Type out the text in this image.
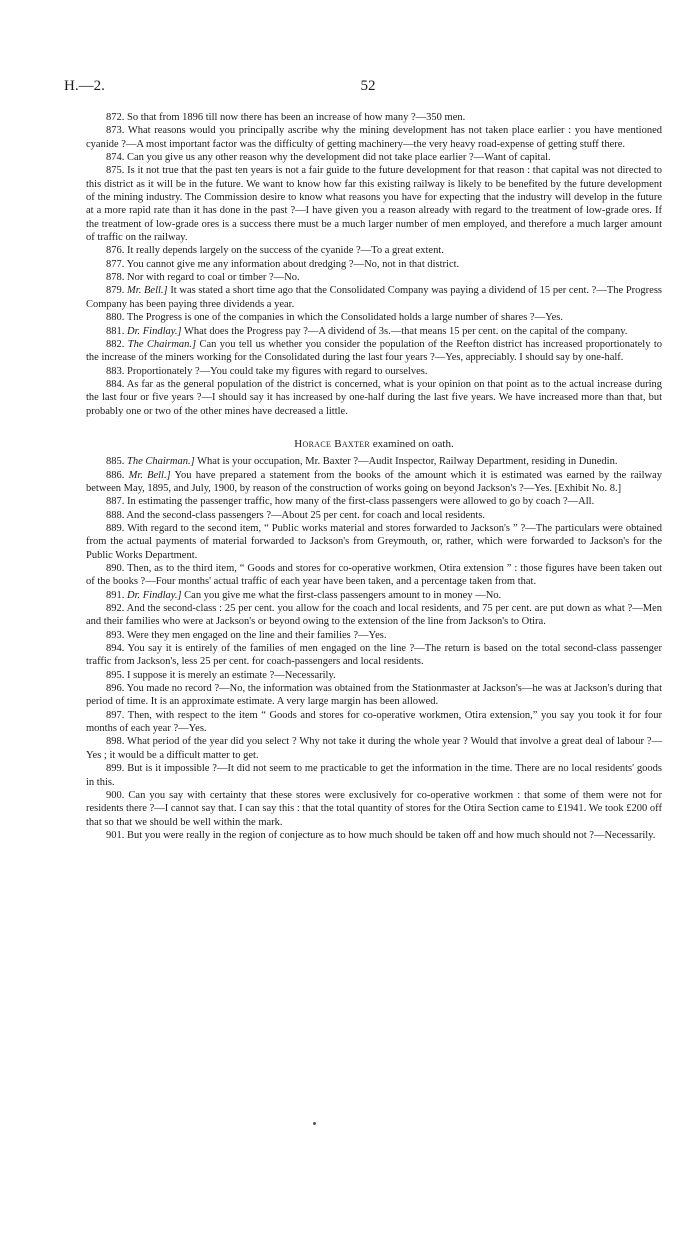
H.—2.	52

872. So that from 1896 till now there has been an increase of how many ?—350 men.

873. What reasons would you principally ascribe why the mining development has not taken place earlier : you have mentioned cyanide ?—A most important factor was the difficulty of getting machinery—the very heavy road-expense of getting stuff there.

874. Can you give us any other reason why the development did not take place earlier ?—Want of capital.

875. Is it not true that the past ten years is not a fair guide to the future development for that reason : that capital was not directed to this district as it will be in the future. We want to know how far this existing railway is likely to be benefited by the future development of the mining industry. The Commission desire to know what reasons you have for expecting that the industry will develop in the future at a more rapid rate than it has done in the past ?—I have given you a reason already with regard to the treatment of low-grade ores. If the treatment of low-grade ores is a success there must be a much larger number of men employed, and therefore a much larger amount of traffic on the railway.

876. It really depends largely on the success of the cyanide ?—To a great extent.

877. You cannot give me any information about dredging ?—No, not in that district.

878. Nor with regard to coal or timber ?—No.

879. Mr. Bell.] It was stated a short time ago that the Consolidated Company was paying a dividend of 15 per cent. ?—The Progress Company has been paying three dividends a year.

880. The Progress is one of the companies in which the Consolidated holds a large number of shares ?—Yes.

881. Dr. Findlay.] What does the Progress pay ?—A dividend of 3s.—that means 15 per cent. on the capital of the company.

882. The Chairman.] Can you tell us whether you consider the population of the Reefton district has increased proportionately to the increase of the miners working for the Consolidated during the last four years ?—Yes, appreciably. I should say by one-half.

883. Proportionately ?—You could take my figures with regard to ourselves.

884. As far as the general population of the district is concerned, what is your opinion on that point as to the actual increase during the last four or five years ?—I should say it has increased by one-half during the last five years. We have increased more than that, but probably one or two of the other mines have decreased a little.

Horace Baxter examined on oath.

885. The Chairman.] What is your occupation, Mr. Baxter ?—Audit Inspector, Railway Department, residing in Dunedin.

886. Mr. Bell.] You have prepared a statement from the books of the amount which it is estimated was earned by the railway between May, 1895, and July, 1900, by reason of the construction of works going on beyond Jackson's ?—Yes. [Exhibit No. 8.]

887. In estimating the passenger traffic, how many of the first-class passengers were allowed to go by coach ?—All.

888. And the second-class passengers ?—About 25 per cent. for coach and local residents.

889. With regard to the second item, “ Public works material and stores forwarded to Jackson's ” ?—The particulars were obtained from the actual payments of material forwarded to Jackson's from Greymouth, or, rather, which were forwarded to Jackson's for the Public Works Department.

890. Then, as to the third item, “ Goods and stores for co-operative workmen, Otira extension ” : those figures have been taken out of the books ?—Four months' actual traffic of each year have been taken, and a percentage taken from that.

891. Dr. Findlay.] Can you give me what the first-class passengers amount to in money —No.

892. And the second-class : 25 per cent. you allow for the coach and local residents, and 75 per cent. are put down as what ?—Men and their families who were at Jackson's or beyond owing to the extension of the line from Jackson's to Otira.

893. Were they men engaged on the line and their families ?—Yes.

894. You say it is entirely of the families of men engaged on the line ?—The return is based on the total second-class passenger traffic from Jackson's, less 25 per cent. for coach-passengers and local residents.

895. I suppose it is merely an estimate ?—Necessarily.

896. You made no record ?—No, the information was obtained from the Stationmaster at Jackson's—he was at Jackson's during that period of time. It is an approximate estimate. A very large margin has been allowed.

897. Then, with respect to the item “ Goods and stores for co-operative workmen, Otira extension,” you say you took it for four months of each year ?—Yes.

898. What period of the year did you select ? Why not take it during the whole year ? Would that involve a great deal of labour ?—Yes ; it would be a difficult matter to get.

899. But is it impossible ?—It did not seem to me practicable to get the information in the time. There are no local residents' goods in this.

900. Can you say with certainty that these stores were exclusively for co-operative workmen : that some of them were not for residents there ?—I cannot say that. I can say this : that the total quantity of stores for the Otira Section came to £1941. We took £200 off that so that we should be well within the mark.

901. But you were really in the region of conjecture as to how much should be taken off and how much should not ?—Necessarily.
